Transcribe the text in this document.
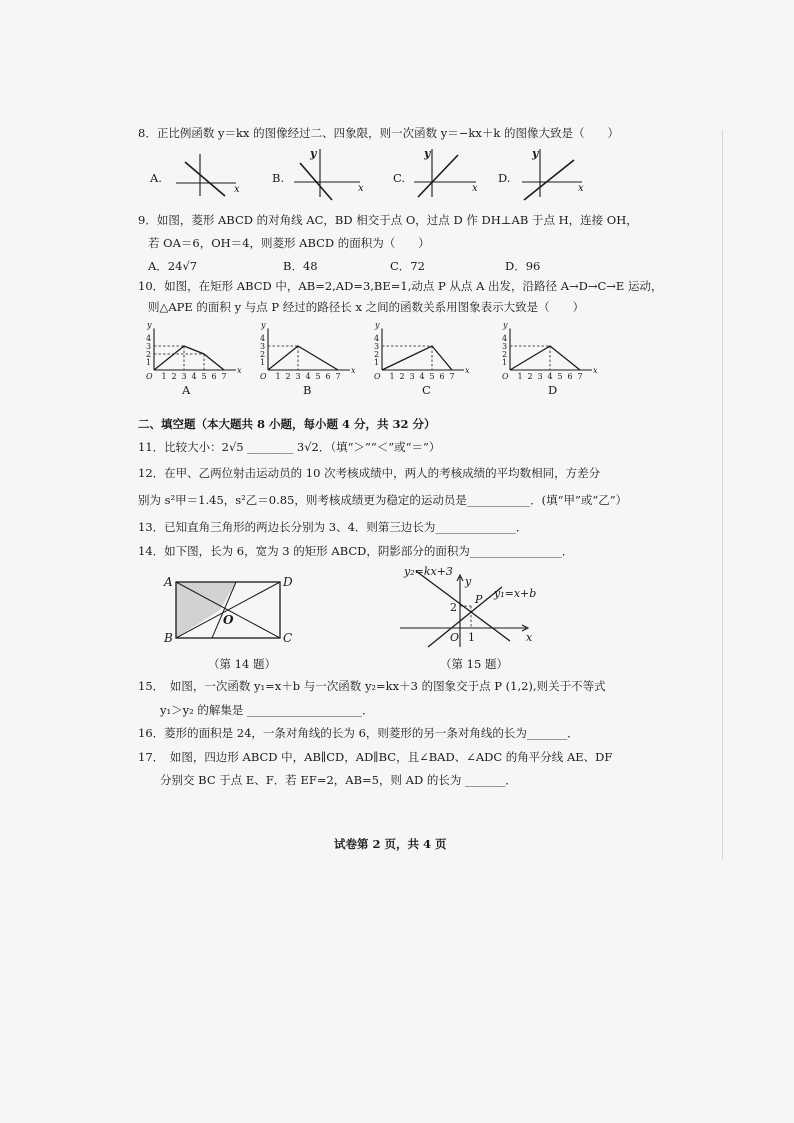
8．正比例函数 y＝kx 的图像经过二、四象限，则一次函数 y＝−kx＋k 的图像大致是（　　）
A.
x
B.
y
x
C.
y
x
D.
y
x
9．如图，菱形 ABCD 的对角线 AC，BD 相交于点 O，过点 D 作 DH⊥AB 于点 H，连接 OH，
若 OA＝6，OH＝4，则菱形 ABCD 的面积为（　　）
A．24√7	B．48	C．72	D．96
10．如图，在矩形 ABCD 中，AB=2,AD=3,BE=1,动点 P 从点 A 出发，沿路径 A→D→C→E 运动，
则△APE 的面积 y 与点 P 经过的路径长 x 之间的函数关系用图象表示大致是（　　）
x
y
O 1 2 3 4 5 6 7
1
2
3
4
x
y
O 1 2 3 4 5 6 7
1
2
3
4
x
y
O 1 2 3 4 5 6 7
1
2
3
4
x
y
O 1 2 3 4 5 6 7
1
2
3
4
A	B	C	D
二、填空题（本大题共 8 小题，每小题 4 分，共 32 分）
11．比较大小：2√5 ________ 3√2．（填“＞”“＜”或“＝”）
12．在甲、乙两位射击运动员的 10 次考核成绩中，两人的考核成绩的平均数相同，方差分
别为 s²甲＝1.45，s²乙＝0.85，则考核成绩更为稳定的运动员是___________．(填“甲”或“乙”）
13．已知直角三角形的两边长分别为 3、4．则第三边长为______________．
14．如下图，长为 6，宽为 3 的矩形 ABCD，阴影部分的面积为________________．
A	D
B	C
O
（第 14 题）
x
y
y₂=kx+3
y₁=x+b
P
2
O 1
（第 15 题）
15．　如图，一次函数 y₁=x＋b 与一次函数 y₂=kx＋3 的图象交于点 P (1,2),则关于不等式
y₁＞y₂ 的解集是 ____________________．
16．菱形的面积是 24，一条对角线的长为 6，则菱形的另一条对角线的长为_______．
17．　如图，四边形 ABCD 中，AB∥CD，AD∥BC，且∠BAD、∠ADC 的角平分线 AE、DF
分别交 BC 于点 E、F．若 EF=2，AB=5，则 AD 的长为 _______．
试卷第 2 页，共 4 页
